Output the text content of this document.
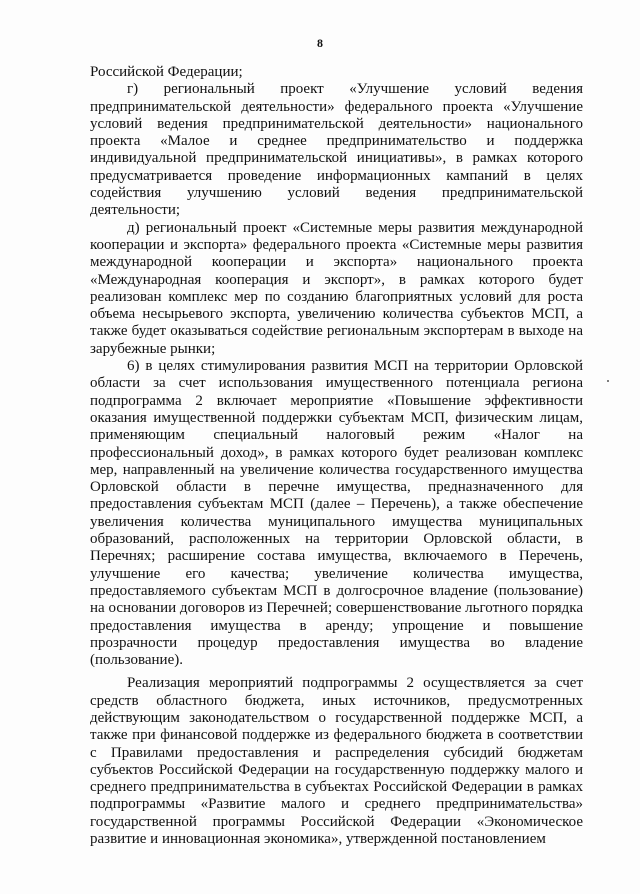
8

Российской Федерации;

г) региональный проект «Улучшение условий ведения предпринимательской деятельности» федерального проекта «Улучшение условий ведения предпринимательской деятельности» национального проекта «Малое и среднее предпринимательство и поддержка индивидуальной предпринимательской инициативы», в рамках которого предусматривается проведение информационных кампаний в целях содействия улучшению условий ведения предпринимательской деятельности;

д) региональный проект «Системные меры развития международной кооперации и экспорта» федерального проекта «Системные меры развития международной кооперации и экспорта» национального проекта «Международная кооперация и экспорт», в рамках которого будет реализован комплекс мер по созданию благоприятных условий для роста объема несырьевого экспорта, увеличению количества субъектов МСП, а также будет оказываться содействие региональным экспортерам в выходе на зарубежные рынки;

6) в целях стимулирования развития МСП на территории Орловской области за счет использования имущественного потенциала региона подпрограмма 2 включает мероприятие «Повышение эффективности оказания имущественной поддержки субъектам МСП, физическим лицам, применяющим специальный налоговый режим «Налог на профессиональный доход», в рамках которого будет реализован комплекс мер, направленный на увеличение количества государственного имущества Орловской области в перечне имущества, предназначенного для предоставления субъектам МСП (далее – Перечень), а также обеспечение увеличения количества муниципального имущества муниципальных образований, расположенных на территории Орловской области, в Перечнях; расширение состава имущества, включаемого в Перечень, улучшение его качества; увеличение количества имущества, предоставляемого субъектам МСП в долгосрочное владение (пользование) на основании договоров из Перечней; совершенствование льготного порядка предоставления имущества в аренду; упрощение и повышение прозрачности процедур предоставления имущества во владение (пользование).

Реализация мероприятий подпрограммы 2 осуществляется за счет средств областного бюджета, иных источников, предусмотренных действующим законодательством о государственной поддержке МСП, а также при финансовой поддержке из федерального бюджета в соответствии с Правилами предоставления и распределения субсидий бюджетам субъектов Российской Федерации на государственную поддержку малого и среднего предпринимательства в субъектах Российской Федерации в рамках подпрограммы «Развитие малого и среднего предпринимательства» государственной программы Российской Федерации «Экономическое развитие и инновационная экономика», утвержденной постановлением
